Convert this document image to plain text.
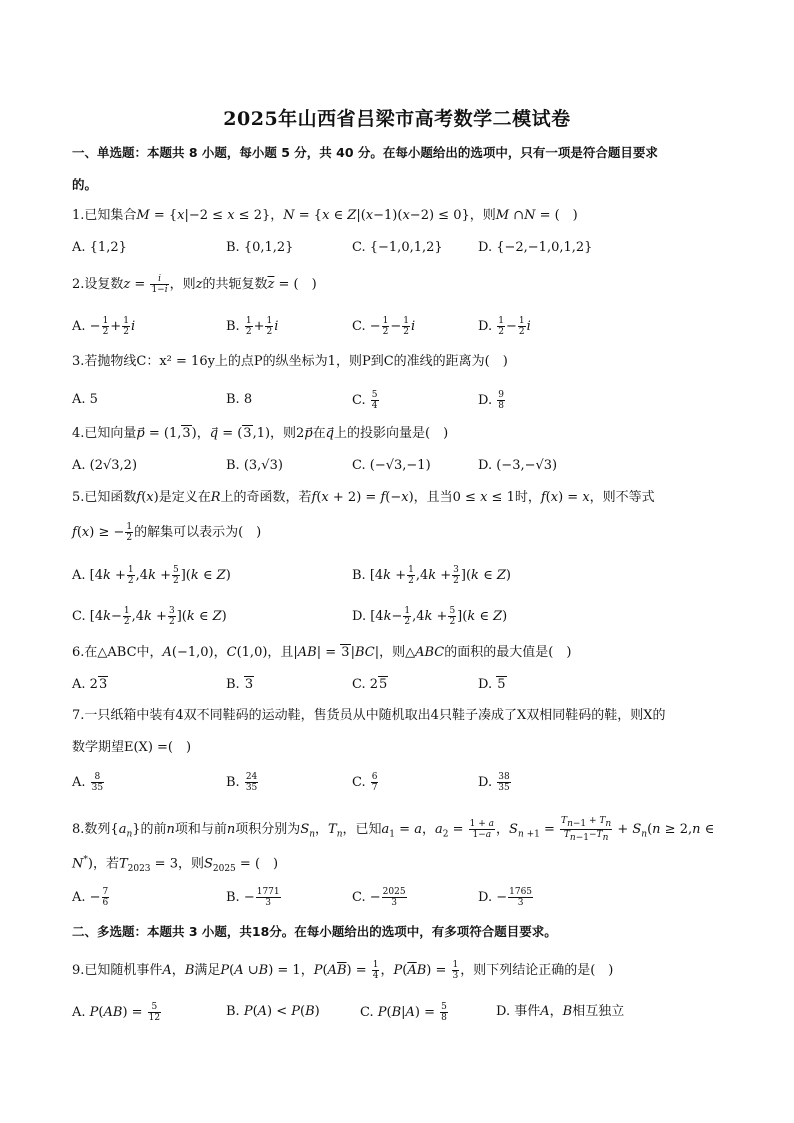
2025年山西省吕梁市高考数学二模试卷
一、单选题：本题共 8 小题，每小题 5 分，共 40 分。在每小题给出的选项中，只有一项是符合题目要求
的。
1.已知集合M = {x|−2 ≤ x ≤ 2}，N = {x ∈ Z|(x−1)(x−2) ≤ 0}，则M ∩N = (　)
A. {1,2}	B. {0,1,2}	C. {−1,0,1,2}	D. {−2,−1,0,1,2}
2.设复数$z = \frac{i}{1-i}$ ，则z的共轭复数$\overline{z}$ = (　)
A. − $\frac{1}{2} + \frac{1}{2}$ i	B. $\frac{1}{2} + \frac{1}{2}$ i	C. − $\frac{1}{2} - \frac{1}{2}$ i	D. $\frac{1}{2} - \frac{1}{2}$ i
3.若抛物线C：x² = 16y上的点P的纵坐标为1，则P到C的准线的距离为(　)
A. 5	B. 8	C. $\frac{5}{4}$	D. $\frac{9}{8}$
4.已知向量p⃗ = (1,3)，q⃗ = (3,1)，则2p⃗在q⃗上的投影向量是(　)
A. (2√3,2)	B. (3,√3)	C. (−√3,−1)	D. (−3,−√3)
5.已知函数f(x)是定义在R上的奇函数，若f(x + 2) = f(−x)，且当0 ≤ x ≤ 1时，f(x) = x，则不等式
f(x) ≥ − $\frac{1}{2}$ 的解集可以表示为(　)
A. $[4k + \frac{1}{2} ,4k + \frac{5}{2} ](k$ ∈ Z)	B. $[4k + \frac{1}{2} ,4k + \frac{3}{2} ](k$ ∈ Z)
C. $[4k- \frac{1}{2} ,4k + \frac{3}{2} ](k$ ∈ Z)	D. $[4k- \frac{1}{2} ,4k + \frac{5}{2} ](k$ ∈ Z)
6.在△ABC中，A(−1,0)，C(1,0)，且|AB| = 3|BC|，则△ABC的面积的最大值是(　)
A. 23	B. 3	C. 25	D. 5
7.一只纸箱中装有4双不同鞋码的运动鞋，售货员从中随机取出4只鞋子凑成了X双相同鞋码的鞋，则X的
数学期望E(X) =(　)
A. $\frac{8}{35}$	B. $\frac{24}{35}$	C. $\frac{6}{7}$	D. $\frac{38}{35}$
8.数列$\{a_n\}$的前n项和与前n项积分别为$S_n$，$T_n$，已知$a_1 = a$，$a_2 = \frac{1 + a}{1-a}$ ，$S_{n +1} = \frac{T_{n-1} + T_n}{T_{n-1}-T_n} + S_n(n \ge 2,n$ ∈
N*)，若$T_{2023} = 3$，则$S_{2025}$ = (　)
A. − $\frac{7}{6}$	B. − $\frac{1771}{3}$	C. − $\frac{2025}{3}$	D. − $\frac{1765}{3}$
二、多选题：本题共 3 小题，共18分。在每小题给出的选项中，有多项符合题目要求。
9.已知随机事件A，B满足P(A ∪B) = 1，$P(A\overline{B}) = \frac{1}{4}$ ，$P(\overline{A}B) = \frac{1}{3}$ ，则下列结论正确的是(　)
A. $P(AB) = \frac{5}{12}$	B. P(A) < P(B)	C. $P(B|A) = \frac{5}{8}$	D. 事件A，B相互独立
